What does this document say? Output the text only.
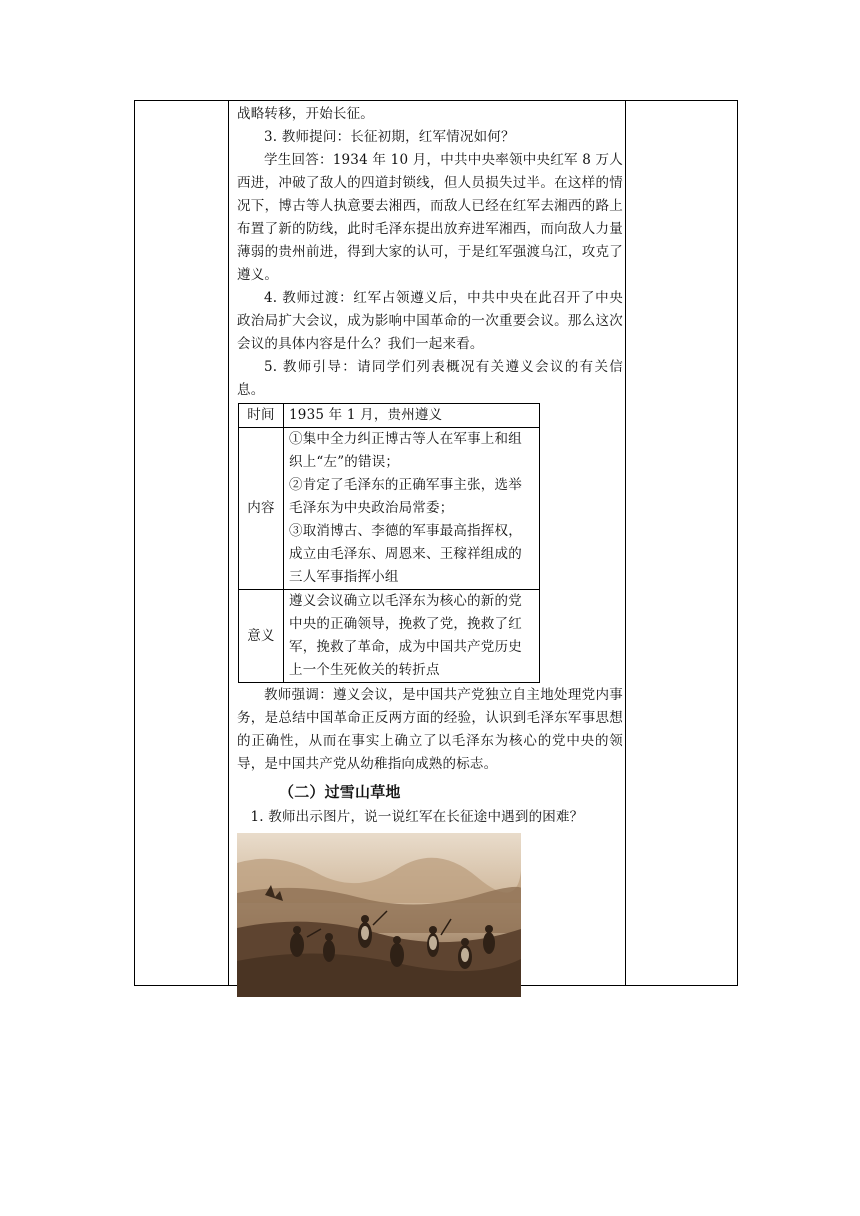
战略转移，开始长征。

3. 教师提问：长征初期，红军情况如何？

学生回答：1934 年 10 月，中共中央率领中央红军 8 万人西进，冲破了敌人的四道封锁线，但人员损失过半。在这样的情况下，博古等人执意要去湘西，而敌人已经在红军去湘西的路上布置了新的防线，此时毛泽东提出放弃进军湘西，而向敌人力量薄弱的贵州前进，得到大家的认可，于是红军强渡乌江，攻克了遵义。

4. 教师过渡：红军占领遵义后，中共中央在此召开了中央政治局扩大会议，成为影响中国革命的一次重要会议。那么这次会议的具体内容是什么？我们一起来看。

5. 教师引导：请同学们列表概况有关遵义会议的有关信息。

时间	1935 年 1 月，贵州遵义
内容	①集中全力纠正博古等人在军事上和组织上“左”的错误；
②肯定了毛泽东的正确军事主张，选举毛泽东为中央政治局常委；
③取消博古、李德的军事最高指挥权，成立由毛泽东、周恩来、王稼祥组成的三人军事指挥小组

意义	遵义会议确立以毛泽东为核心的新的党中央的正确领导，挽救了党，挽救了红军，挽救了革命，成为中国共产党历史上一个生死攸关的转折点

教师强调：遵义会议，是中国共产党独立自主地处理党内事务，是总结中国革命正反两方面的经验，认识到毛泽东军事思想的正确性，从而在事实上确立了以毛泽东为核心的党中央的领导，是中国共产党从幼稚指向成熟的标志。

（二）过雪山草地

1. 教师出示图片，说一说红军在长征途中遇到的困难？
